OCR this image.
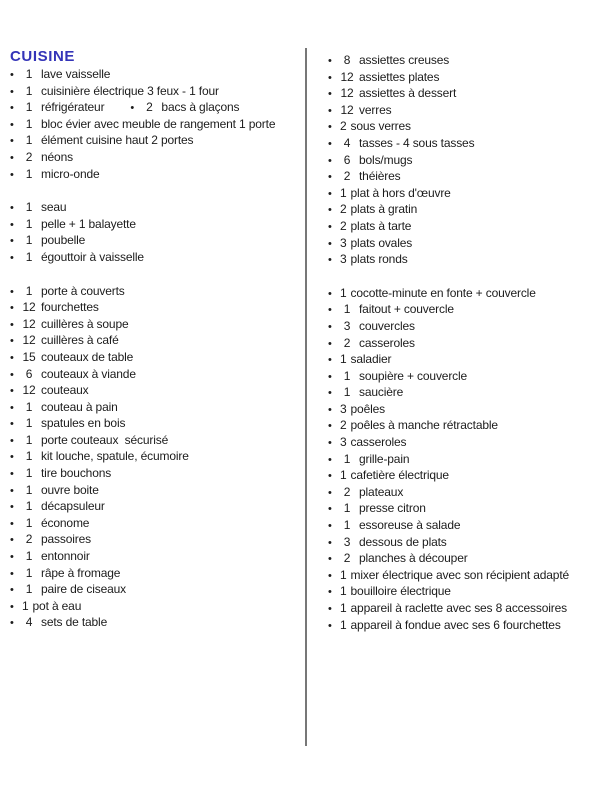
CUISINE
•	1 lave vaisselle
•	1 cuisinière électrique 3 feux - 1 four
•	1 réfrigérateur •	2 bacs à glaçons
•	1 bloc évier avec meuble de rangement 1 porte
•	1 élément cuisine haut 2 portes
•	2 néons
•	1 micro-onde
•	1 seau
•	1 pelle + 1 balayette
•	1 poubelle
•	1 égouttoir à vaisselle
•	1 porte à couverts
• 12 fourchettes
• 12 cuillères à soupe
• 12 cuillères à café
• 15 couteaux de table
•	6 couteaux à viande
• 12 couteaux
•	1 couteau à pain
•	1 spatules en bois
•	1 porte couteaux  sécurisé
•	1 kit louche, spatule, écumoire
•	1 tire bouchons
•	1 ouvre boite
•	1 décapsuleur
•	1 économe
•	2 passoires
•	1 entonnoir
•	1 râpe à fromage
•	1 paire de ciseaux
• 1 pot à eau
•	4 sets de table
•	8 assiettes creuses
• 12 assiettes plates
• 12 assiettes à dessert
• 12 verres
• 2 sous verres
•	4 tasses - 4 sous tasses
•	6 bols/mugs
•	2 théières
• 1 plat à hors d'œuvre
• 2 plats à gratin
• 2 plats à tarte
• 3 plats ovales
• 3 plats ronds
• 1 cocotte-minute en fonte + couvercle
•	1 faitout + couvercle
•	3 couvercles
•	2 casseroles
• 1 saladier
•	1 soupière + couvercle
•	1 saucière
• 3 poêles
• 2 poêles à manche rétractable
• 3 casseroles
•	1 grille-pain
• 1 cafetière électrique
•	2 plateaux
•	1 presse citron
•	1 essoreuse à salade
•	3 dessous de plats
•	2 planches à découper
• 1 mixer électrique avec son récipient adapté
• 1 bouilloire électrique
• 1 appareil à raclette avec ses 8 accessoires
• 1 appareil à fondue avec ses 6 fourchettes
